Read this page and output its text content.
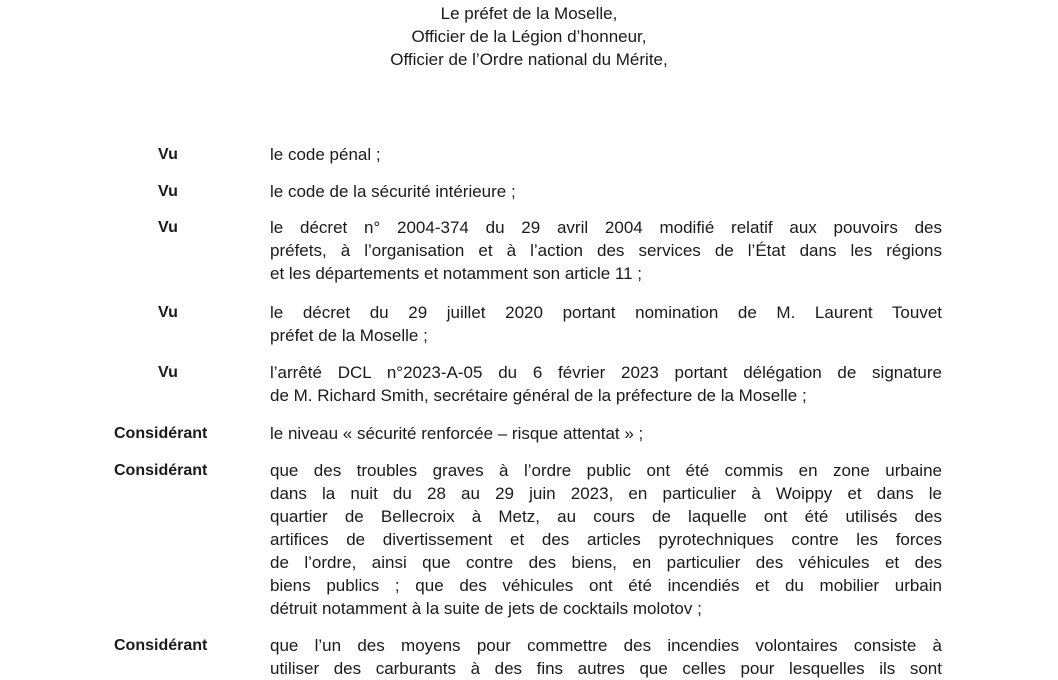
Le préfet de la Moselle,
Officier de la Légion d’honneur,
Officier de l’Ordre national du Mérite,
Vu	le code pénal ;
Vu	le code de la sécurité intérieure ;
Vu	le décret n° 2004-374 du 29 avril 2004 modifié relatif aux pouvoirs des
préfets, à l’organisation et à l’action des services de l’État dans les régions
et les départements et notamment son article 11 ;
Vu	le décret du 29 juillet 2020 portant nomination de M. Laurent Touvet
préfet de la Moselle ;
Vu	l’arrêté DCL n°2023-A-05 du 6 février 2023 portant délégation de signature
de M. Richard Smith, secrétaire général de la préfecture de la Moselle ;
Considérant	le niveau « sécurité renforcée – risque attentat » ;
Considérant	que des troubles graves à l’ordre public ont été commis en zone urbaine
dans la nuit du 28 au 29 juin 2023, en particulier à Woippy et dans le
quartier de Bellecroix à Metz, au cours de laquelle ont été utilisés des
artifices de divertissement et des articles pyrotechniques contre les forces
de l’ordre, ainsi que contre des biens, en particulier des véhicules et des
biens publics ; que des véhicules ont été incendiés et du mobilier urbain
détruit notamment à la suite de jets de cocktails molotov ;
Considérant	que l’un des moyens pour commettre des incendies volontaires consiste à
utiliser des carburants à des fins autres que celles pour lesquelles ils sont
